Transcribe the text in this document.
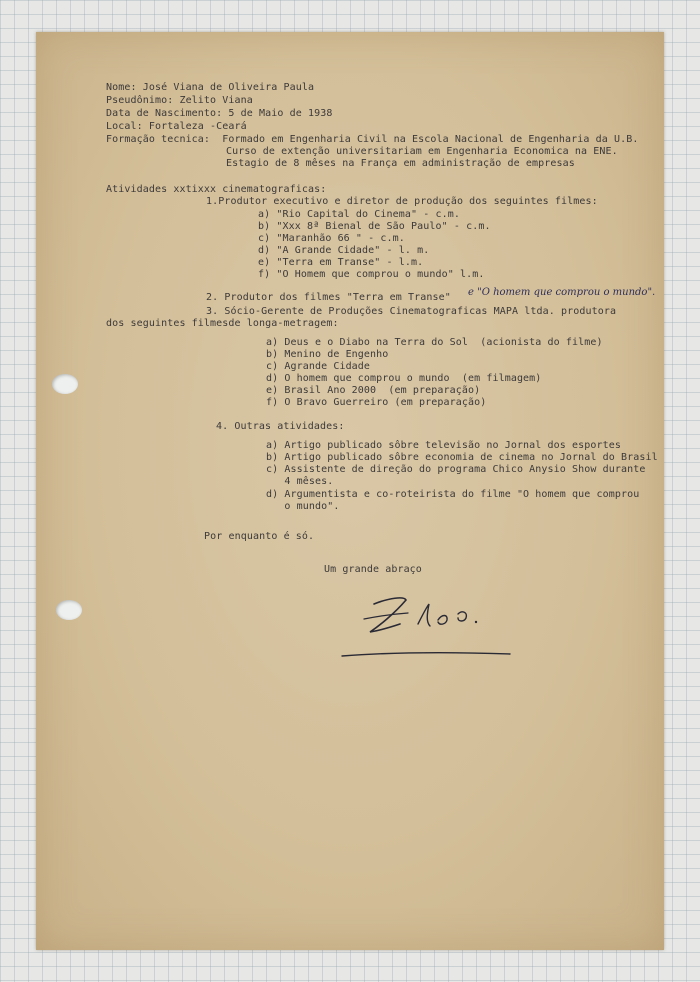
Nome: José Viana de Oliveira Paula

Pseudônimo: Zelito Viana

Data de Nascimento: 5 de Maio de 1938

Local: Fortaleza -Ceará

Formação tecnica:  Formado em Engenharia Civil na Escola Nacional de Engenharia da U.B.

Curso de extenção universitariam em Engenharia Economica na ENE.

Estagio de 8 mêses na França em administração de empresas

Atividades xxtixxx cinematograficas:

1.Produtor executivo e diretor de produção dos seguintes filmes:

a) "Rio Capital do Cinema" - c.m.

b) "Xxx 8ª Bienal de São Paulo" - c.m.

c) "Maranhão 66 " - c.m.

d) "A Grande Cidade" - l. m.

e) "Terra em Transe" - l.m.

f) "O Homem que comprou o mundo" l.m.

2. Produtor dos filmes "Terra em Transe" e "O homem que comprou o mundo".

3. Sócio-Gerente de Produções Cinematograficas MAPA ltda. produtora

dos seguintes filmesde longa-metragem:

a) Deus e o Diabo na Terra do Sol  (acionista do filme)

b) Menino de Engenho

c) Agrande Cidade

d) O homem que comprou o mundo  (em filmagem)

e) Brasil Ano 2000  (em preparação)

f) O Bravo Guerreiro (em preparação)

4. Outras atividades:

a) Artigo publicado sôbre televisão no Jornal dos esportes

b) Artigo publicado sôbre economia de cinema no Jornal do Brasil

c) Assistente de direção do programa Chico Anysio Show durante

4 mêses.

d) Argumentista e co-roteirista do filme "O homem que comprou

o mundo".

Por enquanto é só.

Um grande abraço
